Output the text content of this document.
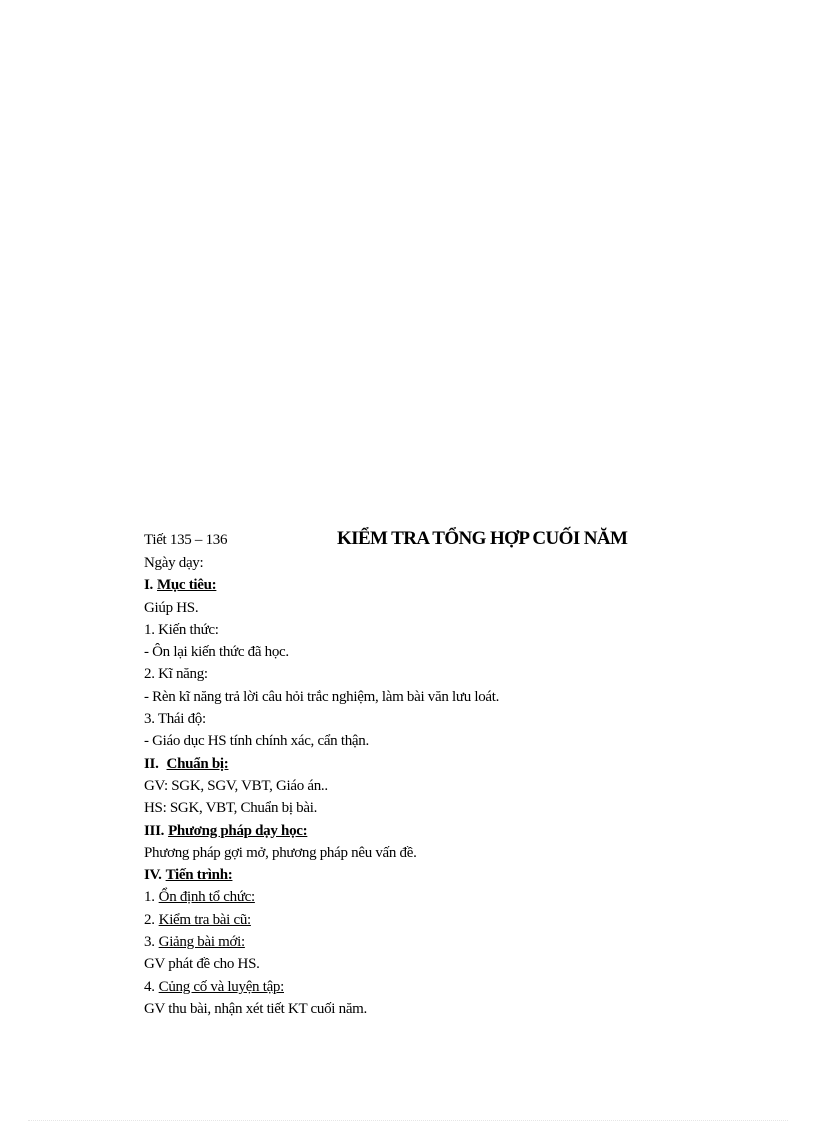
Tiết 135 – 136	KIỂM TRA TỔNG HỢP CUỐI NĂM
Ngày dạy:
I. Mục tiêu:
Giúp HS.
1. Kiến thức:
- Ôn lại kiến thức đã học.
2. Kĩ năng:
- Rèn kĩ năng trả lời câu hỏi trắc nghiệm, làm bài văn lưu loát.
3. Thái độ:
- Giáo dục HS tính chính xác, cẩn thận.
II. Chuẩn bị:
GV: SGK, SGV, VBT, Giáo án..
HS: SGK, VBT, Chuẩn bị bài.
III. Phương pháp dạy học:
Phương pháp gợi mở, phương pháp nêu vấn đề.
IV. Tiến trình:
1. Ổn định tổ chức:
2. Kiểm tra bài cũ:
3. Giảng bài mới:
GV phát đề cho HS.
4. Củng cố và luyện tập:
GV thu bài, nhận xét tiết KT cuối năm.
